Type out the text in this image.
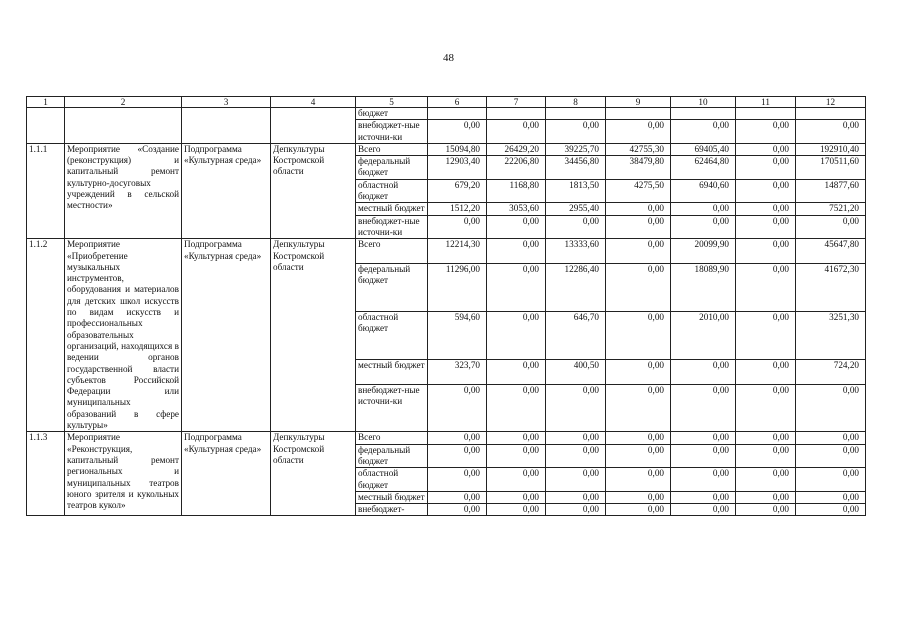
48
1	2	3	4	5	6	7	8	9	10	11	12
				бюджет							
				внебюджет-ные источни-ки	0,00	0,00	0,00	0,00	0,00	0,00	0,00
1.1.1	Мероприятие «Создание (реконструкция) и капитальный ремонт культурно-досуговых учреждений в сельской местности»	Подпрограмма «Культурная среда»	Депкультуры Костромской области	Всего	15094,80	26429,20	39225,70	42755,30	69405,40	0,00	192910,40
				федеральный бюджет	12903,40	22206,80	34456,80	38479,80	62464,80	0,00	170511,60
				областной бюджет	679,20	1168,80	1813,50	4275,50	6940,60	0,00	14877,60
				местный бюджет	1512,20	3053,60	2955,40	0,00	0,00	0,00	7521,20
				внебюджет-ные источни-ки	0,00	0,00	0,00	0,00	0,00	0,00	0,00
1.1.2	Мероприятие «Приобретение музыкальных инструментов, оборудования и материалов для детских школ искусств по видам искусств и профессиональных образовательных организаций, находящихся в ведении органов государственной власти субъектов Российской Федерации или муниципальных образований в сфере культуры»	Подпрограмма «Культурная среда»	Депкультуры Костромской области	Всего	12214,30	0,00	13333,60	0,00	20099,90	0,00	45647,80
				федеральный бюджет	11296,00	0,00	12286,40	0,00	18089,90	0,00	41672,30
				областной бюджет	594,60	0,00	646,70	0,00	2010,00	0,00	3251,30
				местный бюджет	323,70	0,00	400,50	0,00	0,00	0,00	724,20
				внебюджет-ные источни-ки	0,00	0,00	0,00	0,00	0,00	0,00	0,00
1.1.3	Мероприятие «Реконструкция, капитальный ремонт региональных и муниципальных театров юного зрителя и кукольных театров кукол»	Подпрограмма «Культурная среда»	Депкультуры Костромской области	Всего	0,00	0,00	0,00	0,00	0,00	0,00	0,00
				федеральный бюджет	0,00	0,00	0,00	0,00	0,00	0,00	0,00
				областной бюджет	0,00	0,00	0,00	0,00	0,00	0,00	0,00
				местный бюджет	0,00	0,00	0,00	0,00	0,00	0,00	0,00
				внебюджет-	0,00	0,00	0,00	0,00	0,00	0,00	0,00
